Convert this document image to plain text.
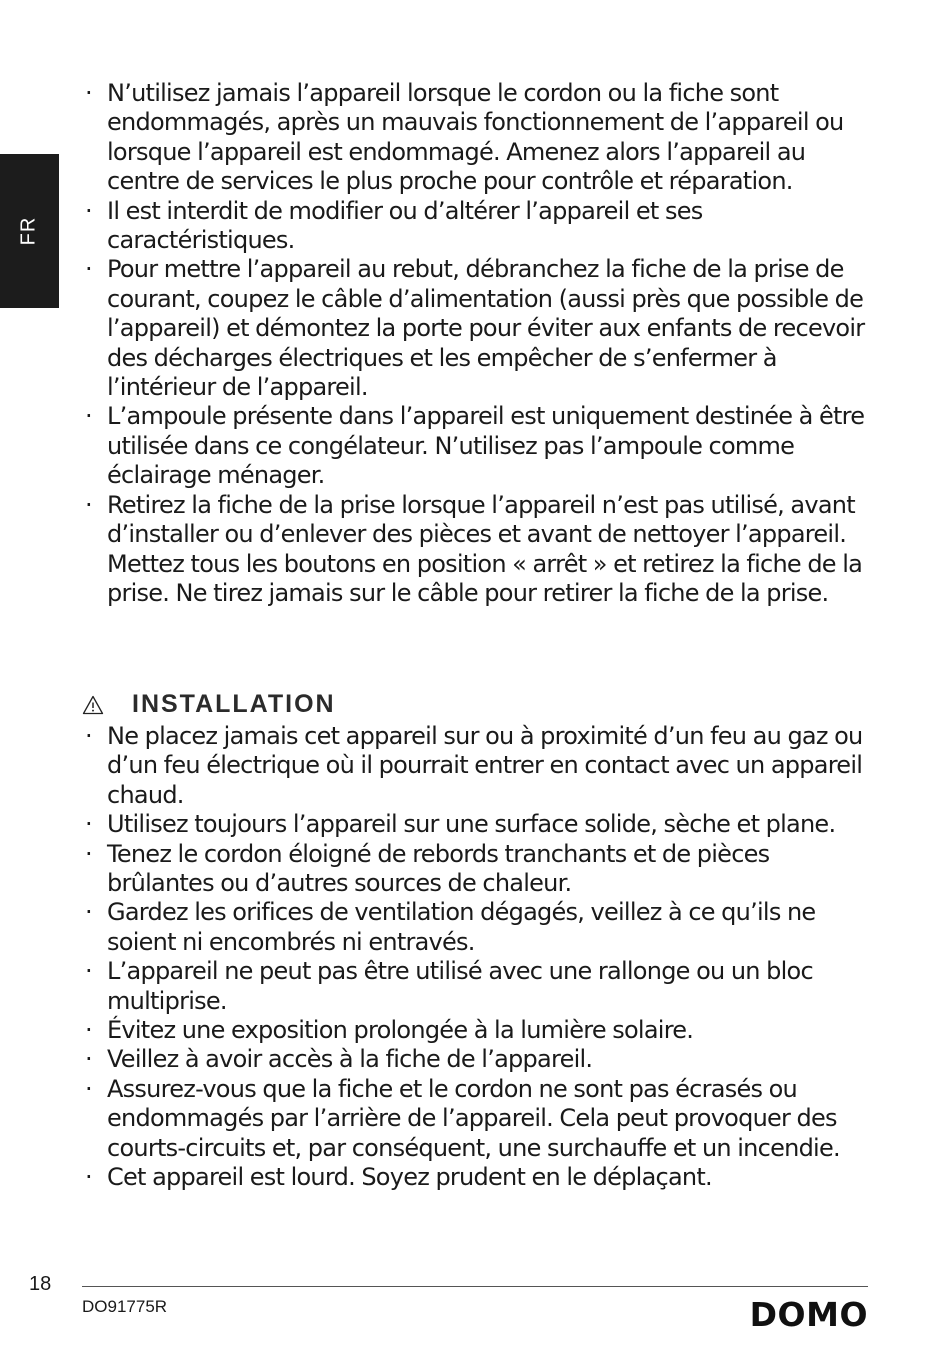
FR
· N’utilisez jamais l’appareil lorsque le cordon ou la fiche sont endommagés, après un mauvais fonctionnement de l’appareil ou lorsque l’appareil est endommagé. Amenez alors l’appareil au centre de services le plus proche pour contrôle et réparation.
· Il est interdit de modifier ou d’altérer l’appareil et ses caractéristiques.
· Pour mettre l’appareil au rebut, débranchez la fiche de la prise de courant, coupez le câble d’alimentation (aussi près que possible de l’appareil) et démontez la porte pour éviter aux enfants de recevoir des décharges électriques et les empêcher de s’enfermer à l’intérieur de l’appareil.
· L’ampoule présente dans l’appareil est uniquement destinée à être utilisée dans ce congélateur. N’utilisez pas l’ampoule comme éclairage ménager.
· Retirez la fiche de la prise lorsque l’appareil n’est pas utilisé, avant d’installer ou d’enlever des pièces et avant de nettoyer l’appareil. Mettez tous les boutons en position « arrêt » et retirez la fiche de la prise. Ne tirez jamais sur le câble pour retirer la fiche de la prise.
INSTALLATION
· Ne placez jamais cet appareil sur ou à proximité d’un feu au gaz ou d’un feu électrique où il pourrait entrer en contact avec un appareil chaud.
· Utilisez toujours l’appareil sur une surface solide, sèche et plane.
· Tenez le cordon éloigné de rebords tranchants et de pièces brûlantes ou d’autres sources de chaleur.
· Gardez les orifices de ventilation dégagés, veillez à ce qu’ils ne soient ni encombrés ni entravés.
· L’appareil ne peut pas être utilisé avec une rallonge ou un bloc multiprise.
· Évitez une exposition prolongée à la lumière solaire.
· Veillez à avoir accès à la fiche de l’appareil.
· Assurez-vous que la fiche et le cordon ne sont pas écrasés ou endommagés par l’arrière de l’appareil. Cela peut provoquer des courts-circuits et, par conséquent, une surchauffe et un incendie.
· Cet appareil est lourd. Soyez prudent en le déplaçant.
18
DO91775R	DOMO
